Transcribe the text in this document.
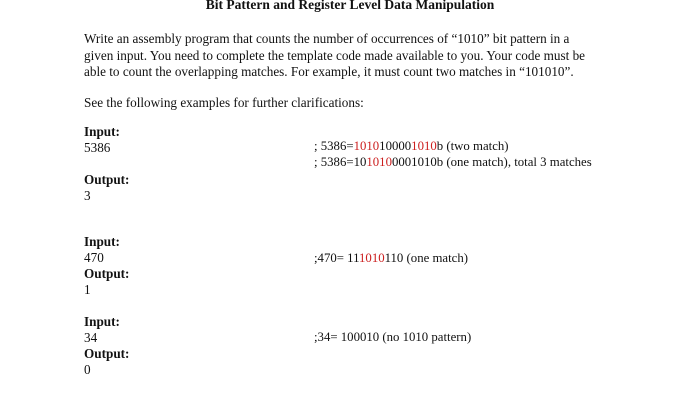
Bit Pattern and Register Level Data Manipulation
Write an assembly program that counts the number of occurrences of “1010” bit pattern in a
given input. You need to complete the template code made available to you. Your code must be
able to count the overlapping matches. For example, it must count two matches in “101010”.
See the following examples for further clarifications:
Input:
5386
Output:
3
; 5386=1010100001010b (two match)
; 5386=1010100001010b (one match), total 3 matches
Input:
470
Output:
1
;470= 111010110 (one match)
Input:
34
Output:
0
;34= 100010 (no 1010 pattern)
